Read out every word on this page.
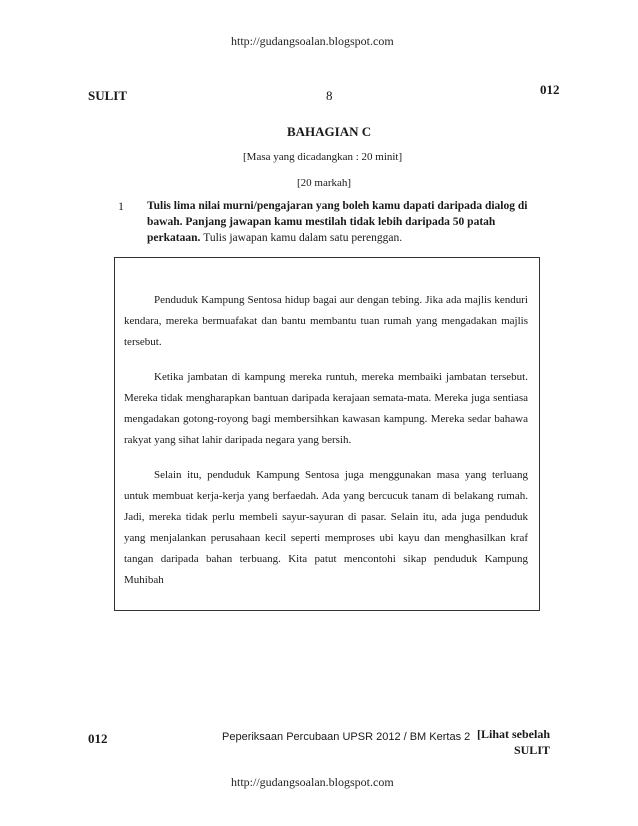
http://gudangsoalan.blogspot.com
SULIT	8	012
BAHAGIAN C
[Masa yang dicadangkan : 20 minit]
[20 markah]
1 Tulis lima nilai murni/pengajaran yang boleh kamu dapati daripada dialog di
bawah. Panjang jawapan kamu mestilah tidak lebih daripada 50 patah perkataan. Tulis jawapan kamu dalam satu perenggan.

Penduduk Kampung Sentosa hidup bagai aur dengan tebing. Jika ada majlis kenduri kendara, mereka bermuafakat dan bantu membantu tuan rumah yang mengadakan majlis tersebut.

Ketika jambatan di kampung mereka runtuh, mereka membaiki jambatan tersebut. Mereka tidak mengharapkan bantuan daripada kerajaan semata-mata. Mereka juga sentiasa mengadakan gotong-royong bagi membersihkan kawasan kampung. Mereka sedar bahawa rakyat yang sihat lahir daripada negara yang bersih.

Selain itu, penduduk Kampung Sentosa juga menggunakan masa yang terluang untuk membuat kerja-kerja yang berfaedah. Ada yang bercucuk tanam di belakang rumah. Jadi, mereka tidak perlu membeli sayur-sayuran di pasar. Selain itu, ada juga penduduk yang menjalankan perusahaan kecil seperti memproses ubi kayu dan menghasilkan kraf tangan daripada bahan terbuang. Kita patut mencontohi sikap penduduk Kampung Muhibah

012	Peperiksaan Percubaan UPSR 2012 / BM Kertas 2 [Lihat sebelah
SULIT
http://gudangsoalan.blogspot.com
